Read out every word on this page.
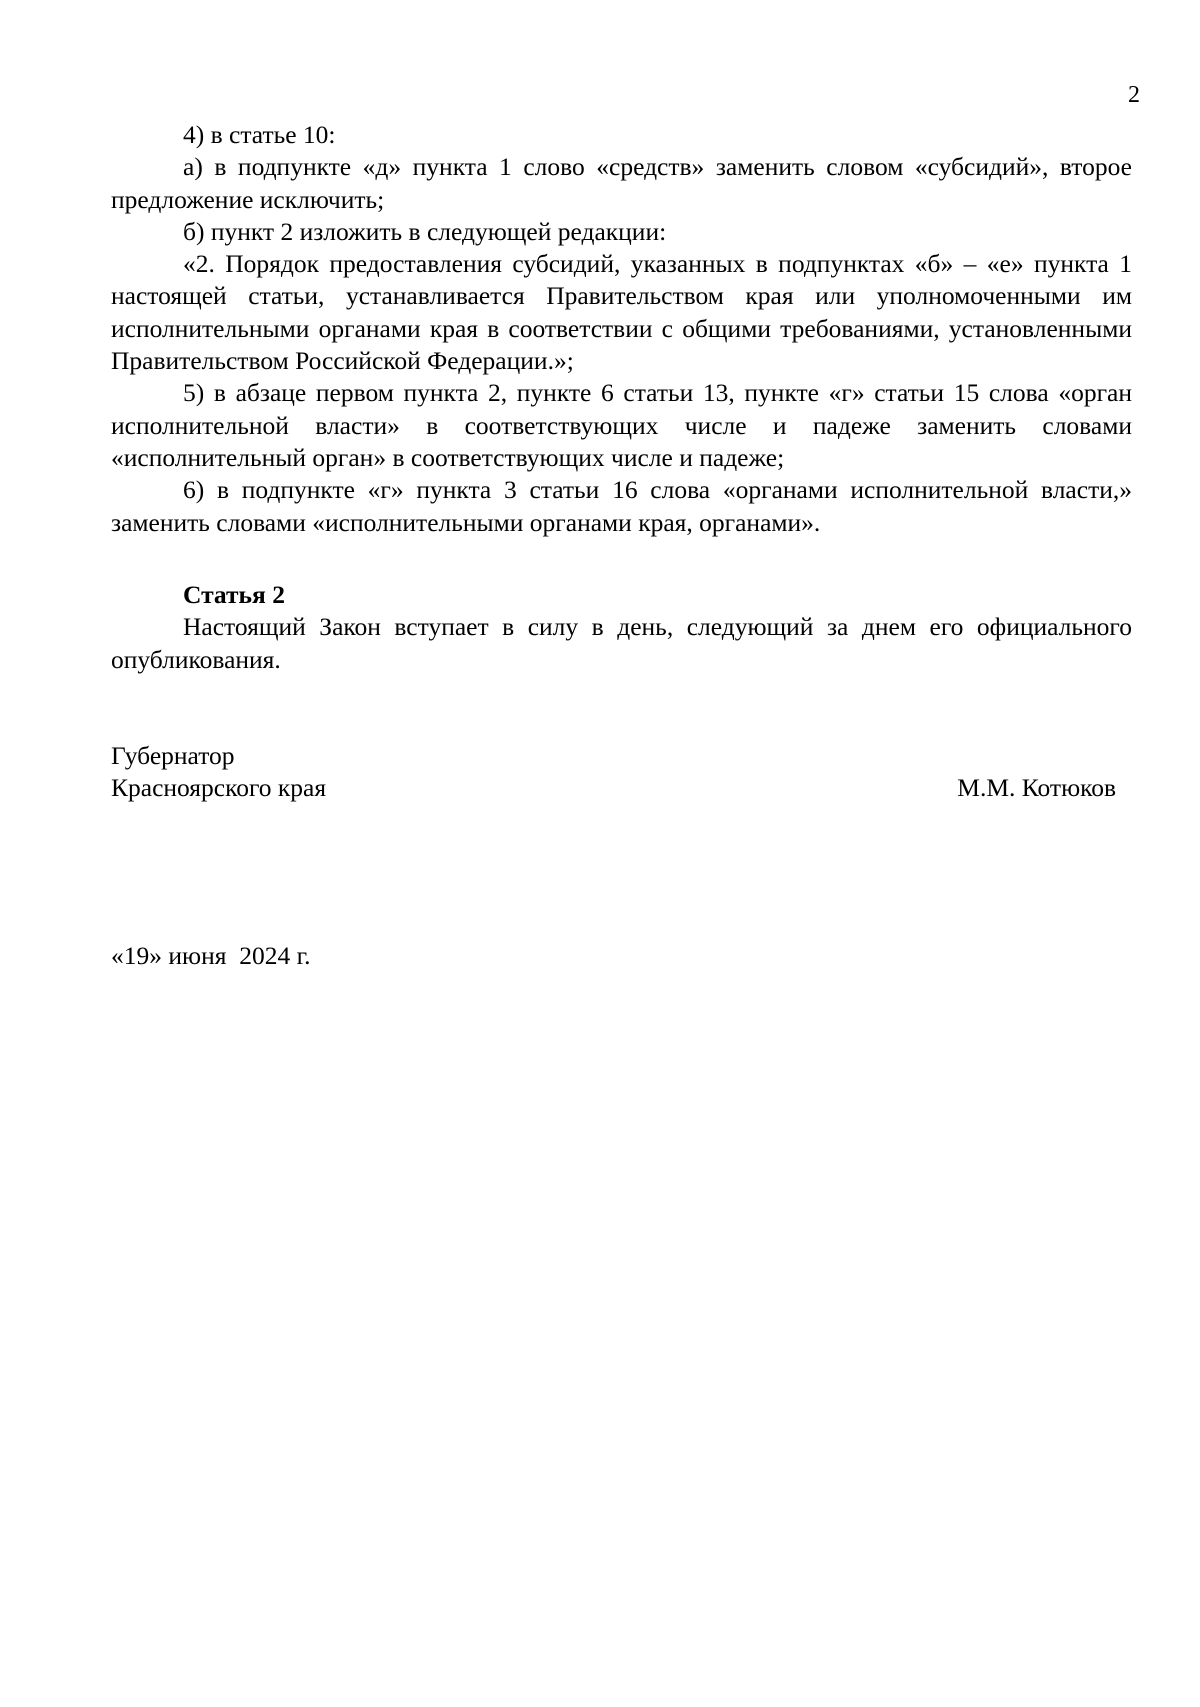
2

4) в статье 10:

а) в подпункте «д» пункта 1 слово «средств» заменить словом «субсидий», второе предложение исключить;

б) пункт 2 изложить в следующей редакции:

«2. Порядок предоставления субсидий, указанных в подпунктах «б» – «е» пункта 1 настоящей статьи, устанавливается Правительством края или уполномоченными им исполнительными органами края в соответствии с общими требованиями, установленными Правительством Российской Федерации.»;

5) в абзаце первом пункта 2, пункте 6 статьи 13, пункте «г» статьи 15 слова «орган исполнительной власти» в соответствующих числе и падеже заменить словами «исполнительный орган» в соответствующих числе и падеже;

6) в подпункте «г» пункта 3 статьи 16 слова «органами исполнительной власти,» заменить словами «исполнительными органами края, органами».

Статья 2

Настоящий Закон вступает в силу в день, следующий за днем его официального опубликования.

Губернатор
Красноярского края	М.М. Котюков
«19» июня  2024 г.
